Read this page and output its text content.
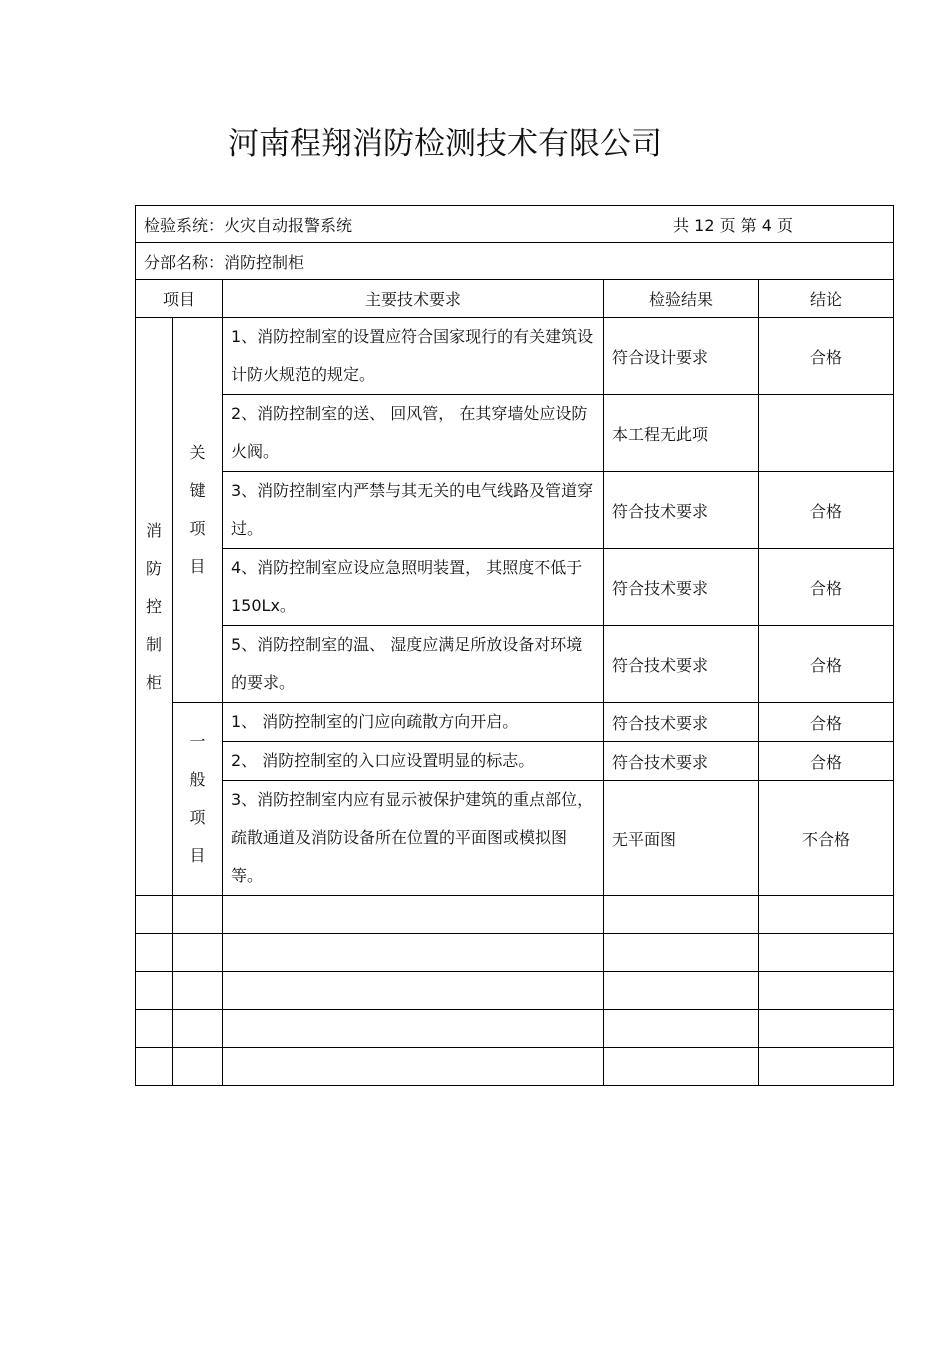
河南程翔消防检测技术有限公司
检验系统：火灾自动报警系统 共 12 页 第 4 页				

分部名称：消防控制柜				
项目		主要技术要求	检验结果	结论
消防控制柜	关键项目	1、消防控制室的设置应符合国家现行的有关建筑设计防火规范的规定。	符合设计要求	合格
		2、消防控制室的送、 回风管， 在其穿墙处应设防火阀。	本工程无此项	
		3、消防控制室内严禁与其无关的电气线路及管道穿过。	符合技术要求	合格
		4、消防控制室应设应急照明装置， 其照度不低于 150Lx。	符合技术要求	合格
		5、消防控制室的温、 湿度应满足所放设备对环境的要求。	符合技术要求	合格
	一般项目	1、 消防控制室的门应向疏散方向开启。	符合技术要求	合格
		2、 消防控制室的入口应设置明显的标志。	符合技术要求	合格
		3、消防控制室内应有显示被保护建筑的重点部位，疏散通道及消防设备所在位置的平面图或模拟图等。	无平面图	不合格
